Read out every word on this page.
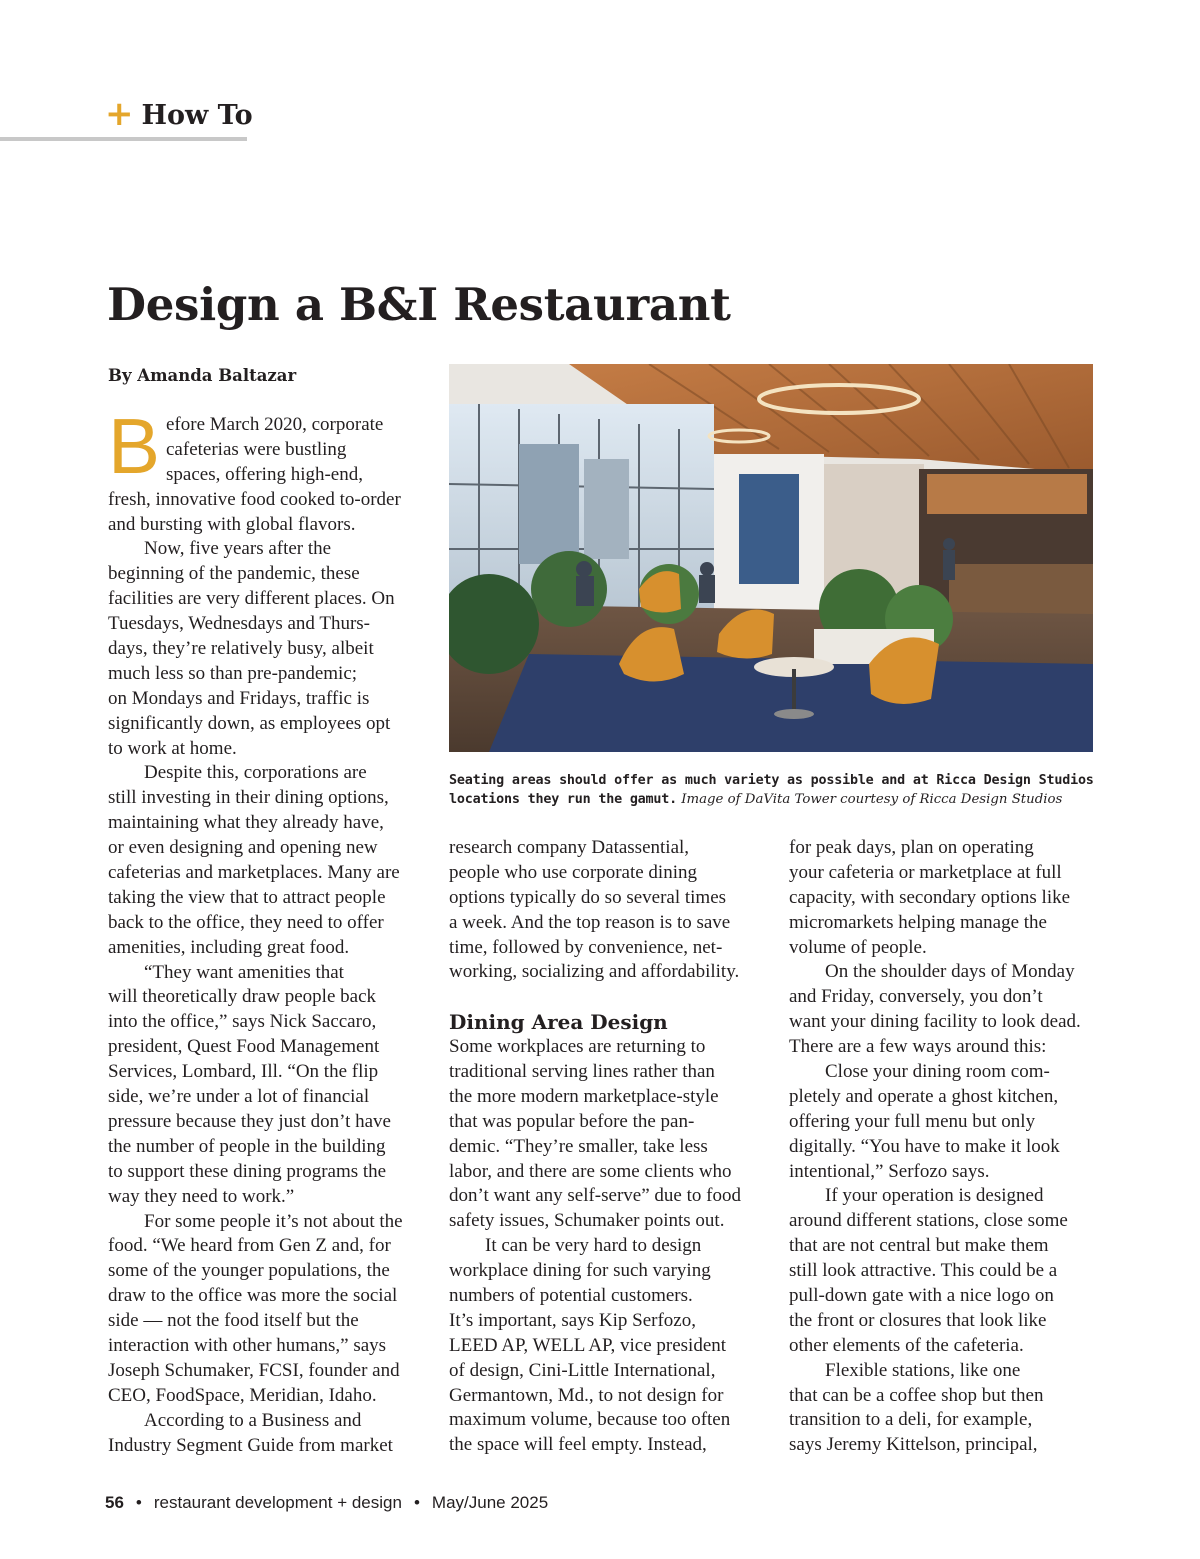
+ How To
Design a B&I Restaurant
By Amanda Baltazar
Seating areas should offer as much variety as possible and at Ricca Design Studios locations they run the gamut. Image of DaVita Tower courtesy of Ricca Design Studios
B efore March 2020, corporate
cafeterias were bustling
spaces, offering high-end,
fresh, innovative food cooked to-order
and bursting with global flavors.
Now, five years after the
beginning of the pandemic, these
facilities are very different places. On
Tuesdays, Wednesdays and Thurs-
days, they’re relatively busy, albeit
much less so than pre-pandemic;
on Mondays and Fridays, traffic is
significantly down, as employees opt
to work at home.
Despite this, corporations are
still investing in their dining options,
maintaining what they already have,
or even designing and opening new
cafeterias and marketplaces. Many are
taking the view that to attract people
back to the office, they need to offer
amenities, including great food.
“They want amenities that
will theoretically draw people back
into the office,” says Nick Saccaro,
president, Quest Food Management
Services, Lombard, Ill. “On the flip
side, we’re under a lot of financial
pressure because they just don’t have
the number of people in the building
to support these dining programs the
way they need to work.”
For some people it’s not about the
food. “We heard from Gen Z and, for
some of the younger populations, the
draw to the office was more the social
side — not the food itself but the
interaction with other humans,” says
Joseph Schumaker, FCSI, founder and
CEO, FoodSpace, Meridian, Idaho.
According to a Business and
Industry Segment Guide from market
research company Datassential,
people who use corporate dining
options typically do so several times
a week. And the top reason is to save
time, followed by convenience, net-
working, socializing and affordability.
Dining Area Design
Some workplaces are returning to
traditional serving lines rather than
the more modern marketplace-style
that was popular before the pan-
demic. “They’re smaller, take less
labor, and there are some clients who
don’t want any self-serve” due to food
safety issues, Schumaker points out.
It can be very hard to design
workplace dining for such varying
numbers of potential customers.
It’s important, says Kip Serfozo,
LEED AP, WELL AP, vice president
of design, Cini-Little International,
Germantown, Md., to not design for
maximum volume, because too often
the space will feel empty. Instead,
for peak days, plan on operating
your cafeteria or marketplace at full
capacity, with secondary options like
micromarkets helping manage the
volume of people.
On the shoulder days of Monday
and Friday, conversely, you don’t
want your dining facility to look dead.
There are a few ways around this:
Close your dining room com-
pletely and operate a ghost kitchen,
offering your full menu but only
digitally. “You have to make it look
intentional,” Serfozo says.
If your operation is designed
around different stations, close some
that are not central but make them
still look attractive. This could be a
pull-down gate with a nice logo on
the front or closures that look like
other elements of the cafeteria.
Flexible stations, like one
that can be a coffee shop but then
transition to a deli, for example,
says Jeremy Kittelson, principal,
56 • restaurant development + design • May/June 2025
